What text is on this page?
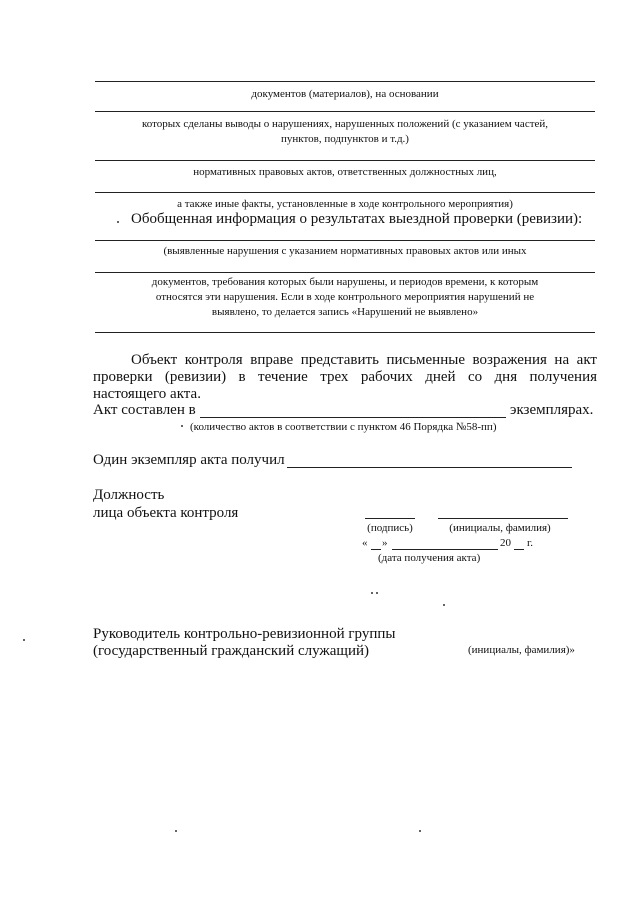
документов (материалов), на основании
которых сделаны выводы о нарушениях, нарушенных положений (с указанием частей,
пунктов, подпунктов и т.д.)
нормативных правовых актов, ответственных должностных лиц,
а также иные факты, установленные в ходе контрольного мероприятия)
Обобщенная информация о результатах выездной проверки (ревизии):
(выявленные нарушения с указанием нормативных правовых актов или иных
документов, требования которых были нарушены, и периодов времени, к которым
относятся эти нарушения. Если в ходе контрольного мероприятия нарушений не
выявлено, то делается запись «Нарушений не выявлено»
Объект контроля вправе представить письменные возражения на акт
проверки (ревизии) в течение трех рабочих дней со дня получения
настоящего акта.
Акт составлен в	экземплярах.
(количество актов в соответствии с пунктом 46 Порядка №58-пп)
Один экземпляр акта получил
Должность
лица объекта контроля
(подпись)	(инициалы, фамилия)
« »	20 г.
(дата получения акта)
Руководитель контрольно-ревизионной группы
(государственный гражданский служащий)	(инициалы, фамилия)»
